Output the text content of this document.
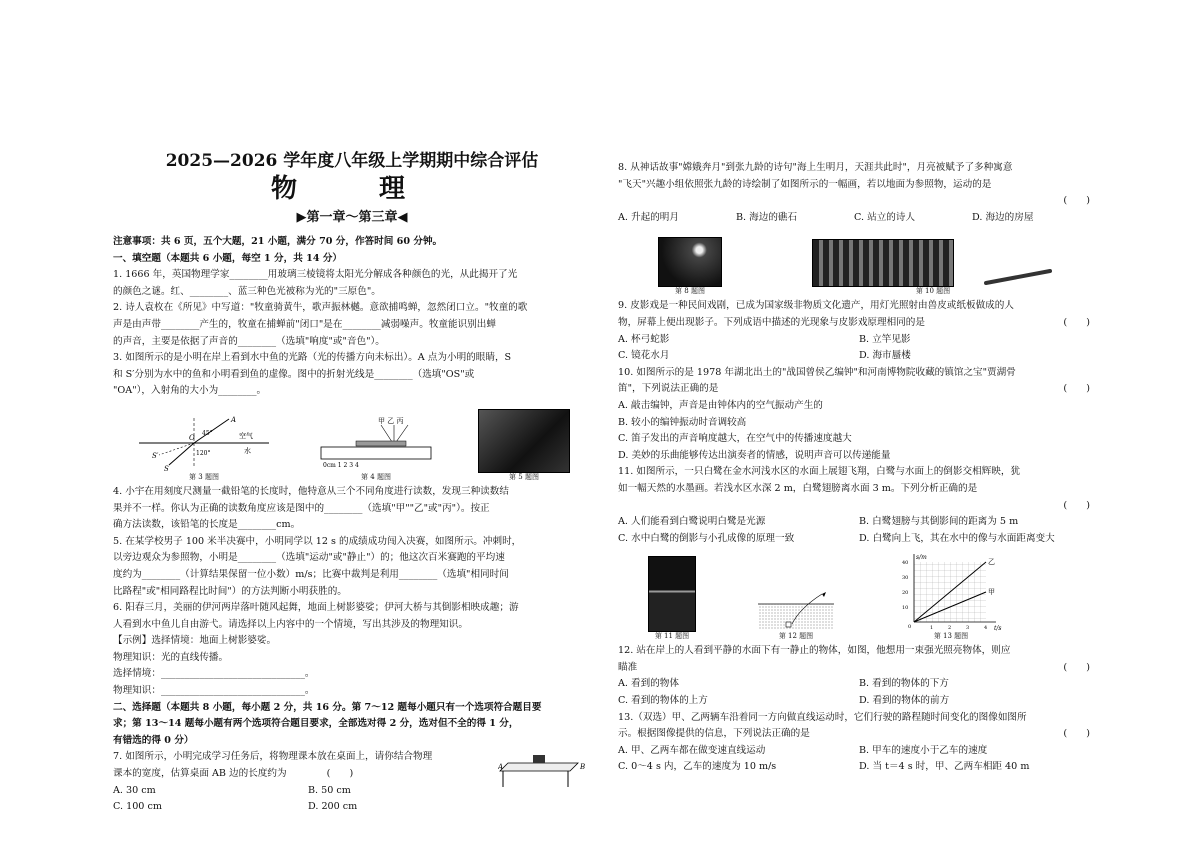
2025—2026 学年度八年级上学期期中综合评估
物　理
▶第一章～第三章◀
注意事项：共 6 页，五个大题，21 小题，满分 70 分，作答时间 60 分钟。
一、填空题（本题共 6 小题，每空 1 分，共 14 分）
1. 1666 年，英国物理学家________用玻璃三棱镜将太阳光分解成各种颜色的光，从此揭开了光
的颜色之谜。红、________、蓝三种色光被称为光的"三原色"。
2. 诗人袁枚在《所见》中写道："牧童骑黄牛，歌声振林樾。意欲捕鸣蝉，忽然闭口立。"牧童的歌
声是由声带________产生的，牧童在捕蝉前"闭口"是在________减弱噪声。牧童能识别出蝉
的声音，主要是依据了声音的________（选填"响度"或"音色"）。
3. 如图所示的是小明在岸上看到水中鱼的光路（光的传播方向未标出）。A 点为小明的眼睛，S
和 S′分别为水中的鱼和小明看到鱼的虚像。图中的折射光线是________（选填"OS"或
"OA"），入射角的大小为________。
A
O
S
S′
45°
120°
空气
水
第 3 题图
甲 乙 丙
0cm 1 2 3 4
第 4 题图	第 5 题图
4. 小宇在用刻度尺测量一截铅笔的长度时，他特意从三个不同角度进行读数，发现三种读数结
果并不一样。你认为正确的读数角度应该是图中的________（选填"甲""乙"或"丙"）。按正
确方法读数，该铅笔的长度是________cm。
5. 在某学校男子 100 米半决赛中，小明同学以 12 s 的成绩成功闯入决赛，如图所示。冲刺时，
以旁边观众为参照物，小明是________（选填"运动"或"静止"）的；他这次百米赛跑的平均速
度约为________（计算结果保留一位小数）m/s；比赛中裁判是利用________（选填"相同时间
比路程"或"相同路程比时间"）的方法判断小明获胜的。
6. 阳春三月，美丽的伊河两岸落叶随风起舞，地面上树影婆娑；伊河大桥与其倒影相映成趣；游
人看到水中鱼儿自由游弋。请选择以上内容中的一个情境，写出其涉及的物理知识。
【示例】选择情境：地面上树影婆娑。
物理知识：光的直线传播。
选择情境：______________________________。
物理知识：______________________________。
二、选择题（本题共 8 小题，每小题 2 分，共 16 分。第 7～12 题每小题只有一个选项符合题目要
求；第 13～14 题每小题有两个选项符合题目要求，全部选对得 2 分，选对但不全的得 1 分，
有错选的得 0 分）
7. 如图所示，小明完成学习任务后，将物理课本放在桌面上，请你结合物理
课本的宽度，估算桌面 AB 边的长度约为	(　　)
A	B
A. 30 cm	B. 50 cm
C. 100 cm	D. 200 cm
8. 从神话故事"嫦娥奔月"到张九龄的诗句"海上生明月，天涯共此时"，月亮被赋予了多种寓意
"飞天"兴趣小组依照张九龄的诗绘制了如图所示的一幅画，若以地面为参照物，运动的是
(　　)
A. 升起的明月	B. 海边的礁石	C. 站立的诗人	D. 海边的房屋
第 8 题图	第 10 题图
9. 皮影戏是一种民间戏剧，已成为国家级非物质文化遗产，用灯光照射由兽皮或纸板做成的人
物，屏幕上便出现影子。下列成语中描述的光现象与皮影戏原理相同的是	(　　)
A. 杯弓蛇影	B. 立竿见影
C. 镜花水月	D. 海市蜃楼
10. 如图所示的是 1978 年湖北出土的"战国曾侯乙编钟"和河南博物院收藏的镇馆之宝"贾湖骨
笛"，下列说法正确的是	(　　)
A. 敲击编钟，声音是由钟体内的空气振动产生的
B. 较小的编钟振动时音调较高
C. 笛子发出的声音响度越大，在空气中的传播速度越大
D. 美妙的乐曲能够传达出演奏者的情感，说明声音可以传递能量
11. 如图所示，一只白鹭在金水河浅水区的水面上展翅飞翔，白鹭与水面上的倒影交相辉映，犹
如一幅天然的水墨画。若浅水区水深 2 m，白鹭翅膀离水面 3 m。下列分析正确的是
(　　)
A. 人们能看到白鹭说明白鹭是光源	B. 白鹭翅膀与其倒影间的距离为 5 m
C. 水中白鹭的倒影与小孔成像的原理一致	D. 白鹭向上飞，其在水中的像与水面距离变大
第 11 题图	第 12 题图
s/m
t/s
乙
甲
40
30
20
10
0	1	2	3	4
第 13 题图
12. 站在岸上的人看到平静的水面下有一静止的物体，如图，他想用一束强光照亮物体，则应
瞄准	(　　)
A. 看到的物体	B. 看到的物体的下方
C. 看到的物体的上方	D. 看到的物体的前方
13.（双选）甲、乙两辆车沿着同一方向做直线运动时，它们行驶的路程随时间变化的图像如图所
示。根据图像提供的信息，下列说法正确的是	(　　)
A. 甲、乙两车都在做变速直线运动	B. 甲车的速度小于乙车的速度
C. 0～4 s 内，乙车的速度为 10 m/s	D. 当 t＝4 s 时，甲、乙两车相距 40 m
